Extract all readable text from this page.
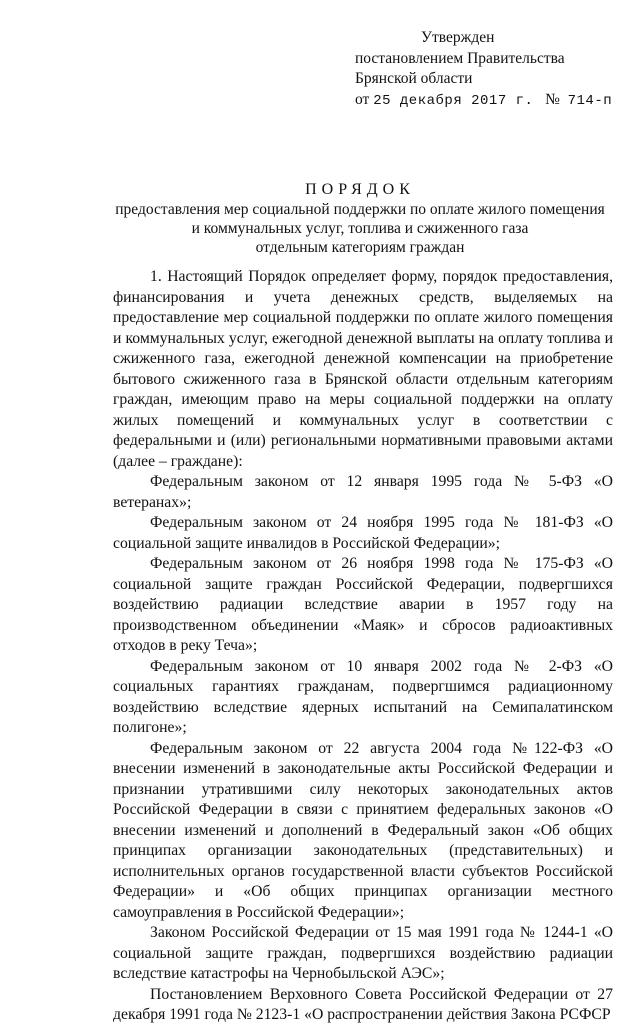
Утвержден
постановлением Правительства
Брянской области
от 25 декабря 2017 г. № 714-п
ПОРЯДОК
предоставления мер социальной поддержки по оплате жилого помещения
и коммунальных услуг, топлива и сжиженного газа
отдельным категориям граждан

1. Настоящий Порядок определяет форму, порядок предоставления, финансирования и учета денежных средств, выделяемых на предоставление мер социальной поддержки по оплате жилого помещения и коммунальных услуг, ежегодной денежной выплаты на оплату топлива и сжиженного газа, ежегодной денежной компенсации на приобретение бытового сжиженного газа в Брянской области отдельным категориям граждан, имеющим право на меры социальной поддержки на оплату жилых помещений и коммунальных услуг в соответствии с федеральными и (или) региональными нормативными правовыми актами (далее – граждане):

Федеральным законом от 12 января 1995 года № 5-ФЗ «О ветеранах»;

Федеральным законом от 24 ноября 1995 года № 181-ФЗ «О социальной защите инвалидов в Российской Федерации»;

Федеральным законом от 26 ноября 1998 года № 175-ФЗ «О социальной защите граждан Российской Федерации, подвергшихся воздействию радиации вследствие аварии в 1957 году на производственном объединении «Маяк» и сбросов радиоактивных отходов в реку Теча»;

Федеральным законом от 10 января 2002 года № 2-ФЗ «О социальных гарантиях гражданам, подвергшимся радиационному воздействию вследствие ядерных испытаний на Семипалатинском полигоне»;

Федеральным законом от 22 августа 2004 года №122-ФЗ «О внесении изменений в законодательные акты Российской Федерации и признании утратившими силу некоторых законодательных актов Российской Федерации в связи с принятием федеральных законов «О внесении изменений и дополнений в Федеральный закон «Об общих принципах организации законодательных (представительных) и исполнительных органов государственной власти субъектов Российской Федерации» и «Об общих принципах организации местного самоуправления в Российской Федерации»;

Законом Российской Федерации от 15 мая 1991 года № 1244-1 «О социальной защите граждан, подвергшихся воздействию радиации вследствие катастрофы на Чернобыльской АЭС»;

Постановлением Верховного Совета Российской Федерации от 27 декабря 1991 года № 2123-1 «О распространении действия Закона РСФСР
